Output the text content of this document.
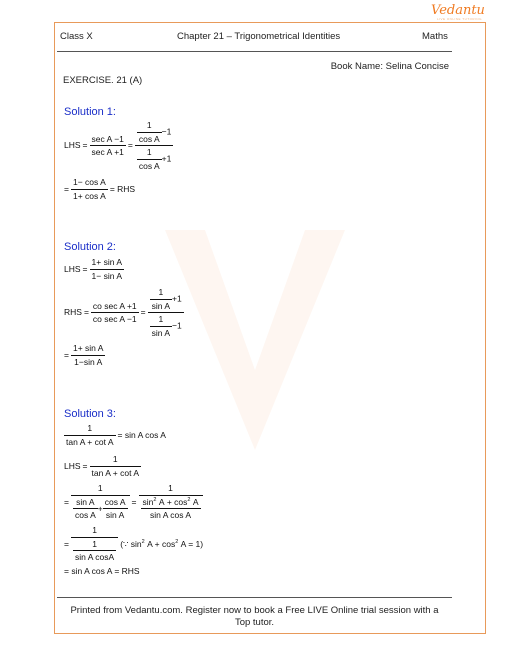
Vedantu
LIVE ONLINE TUTORING
Class X	Chapter 21 – Trigonometrical Identities	Maths
Book Name: Selina Concise
EXERCISE. 21 (A)
Solution 1:
LHS = $\frac{\text{sec A −1}}{\text{sec A +1}} = \frac{\frac{1}{\text{cos A}} -1}{\frac{1}{\text{cos A}} +1}$
= $\frac{\text{1− cos A}}{\text{1+ cos A}}$ = RHS
Solution 2:
LHS = $\frac{\text{1+ sin A}}{\text{1− sin A}}$
RHS = $\frac{\text{co sec A +1}}{\text{co sec A −1}} = \frac{\frac{1}{\text{sin A}} +1}{\frac{1}{\text{sin A}} -1}$
= $\frac{\text{1+ sin A}}{\text{1−sin A}}$
Solution 3:
$\frac{1}{\text{tan A + cot A}} = \sin A$ cos A
LHS = $\frac{1}{\text{tan A + cot A}}$
= $\frac{1}{\frac{\text{sin A}}{\text{cos A}} + \frac{\text{cos A}}{\text{sin A}}} = \frac{1}{\frac{\sin^2 A + \cos^2 A}{\text{sin A cos A}}}$
= $\frac{1}{\frac{1}{\text{sin A cosA}}}$ (∵ $\sin^2 A + \cos^2 A = 1$)
= sin A cos A = RHS
Printed from Vedantu.com. Register now to book a Free LIVE Online trial session with a
Top tutor.
